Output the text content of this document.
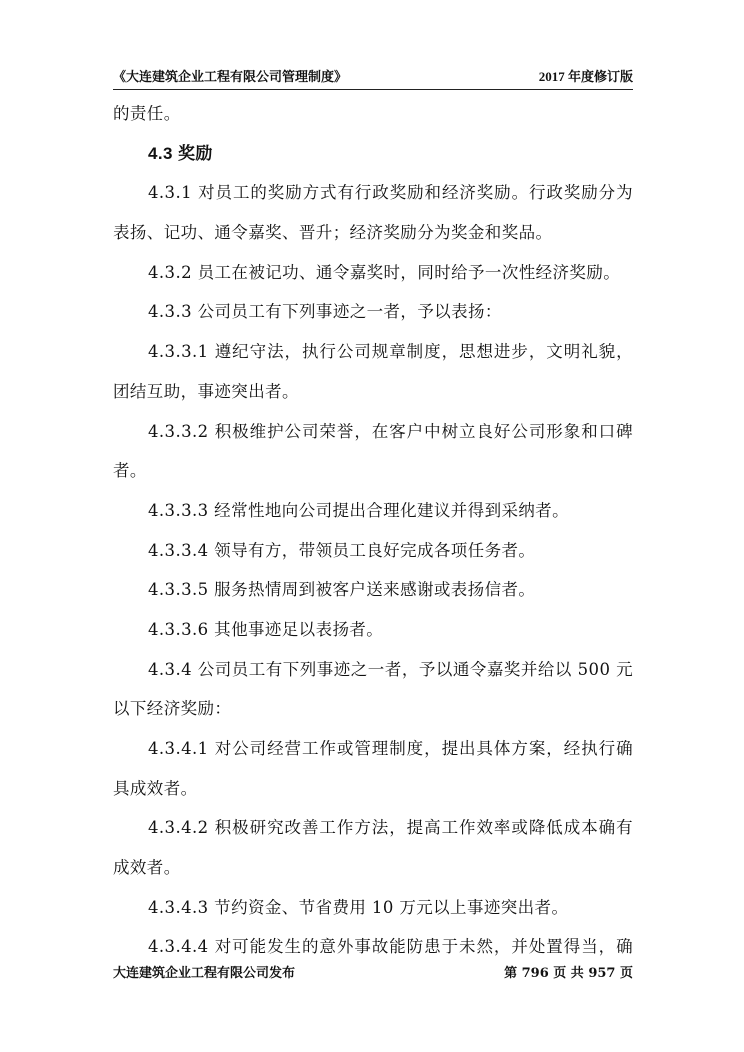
《大连建筑企业工程有限公司管理制度》	2017 年度修订版
的责任。
4.3 奖励
4.3.1 对员工的奖励方式有行政奖励和经济奖励。行政奖励分为
表扬、记功、通令嘉奖、晋升；经济奖励分为奖金和奖品。
4.3.2 员工在被记功、通令嘉奖时，同时给予一次性经济奖励。
4.3.3 公司员工有下列事迹之一者，予以表扬：
4.3.3.1 遵纪守法，执行公司规章制度，思想进步，文明礼貌，
团结互助，事迹突出者。
4.3.3.2 积极维护公司荣誉，在客户中树立良好公司形象和口碑
者。
4.3.3.3 经常性地向公司提出合理化建议并得到采纳者。
4.3.3.4 领导有方，带领员工良好完成各项任务者。
4.3.3.5 服务热情周到被客户送来感谢或表扬信者。
4.3.3.6 其他事迹足以表扬者。
4.3.4 公司员工有下列事迹之一者，予以通令嘉奖并给以 500 元
以下经济奖励：
4.3.4.1 对公司经营工作或管理制度，提出具体方案，经执行确
具成效者。
4.3.4.2 积极研究改善工作方法，提高工作效率或降低成本确有
成效者。
4.3.4.3 节约资金、节省费用 10 万元以上事迹突出者。
4.3.4.4 对可能发生的意外事故能防患于未然，并处置得当，确
大连建筑企业工程有限公司发布	第 796 页 共 957 页
